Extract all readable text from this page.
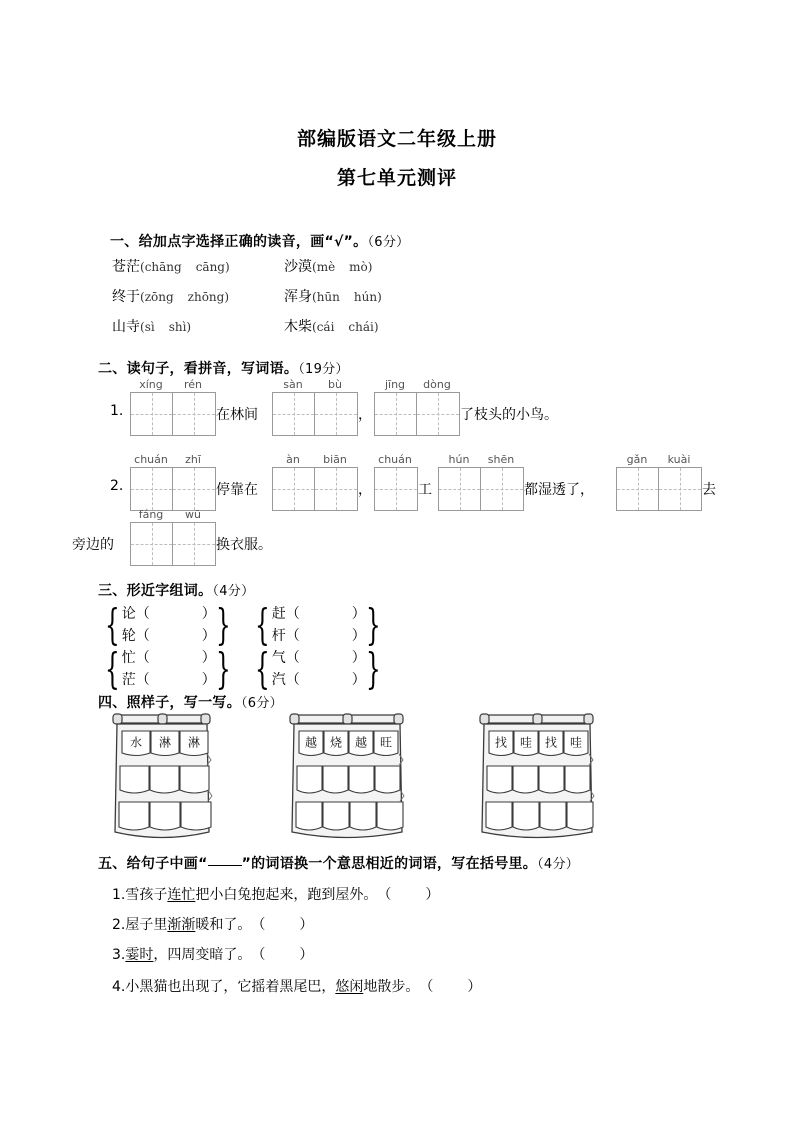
部编版语文二年级上册
第七单元测评
一、给加点字选择正确的读音，画“√”。（6分）
苍茫(chāng cāng)	沙漠(mè mò)
终于(zōng zhōng)	浑身(hūn hún)
山寺(sì shì)	木柴(cái chái)
二、读句子，看拼音，写词语。（19分）
1.
xíng	rén
在林间
sàn	bù
，
jīng	dòng
了枝头的小鸟。
2.
chuán	zhī
停靠在
àn	biān
，
chuán
工
hún	shēn
都湿透了，
gǎn	kuài
去
旁边的
fáng	wū
换衣服。
三、形近字组词。（4分）
{ 论（	）
轮（	） } { 赶（	）
杆（	） }
{ 忙（	）
茫（	） } { 气（	）
汽（	） }
四、照样子，写一写。（6分）
水 淋 淋	越 烧 越 旺	找 哇 找 哇
五、给句子中画“ ”的词语换一个意思相近的词语，写在括号里。（4分）
1.雪孩子连忙把小白兔抱起来，跑到屋外。（ ）
2.屋子里渐渐暖和了。（ ）
3.霎时，四周变暗了。（ ）
4.小黑猫也出现了，它摇着黑尾巴，悠闲地散步。（ ）
